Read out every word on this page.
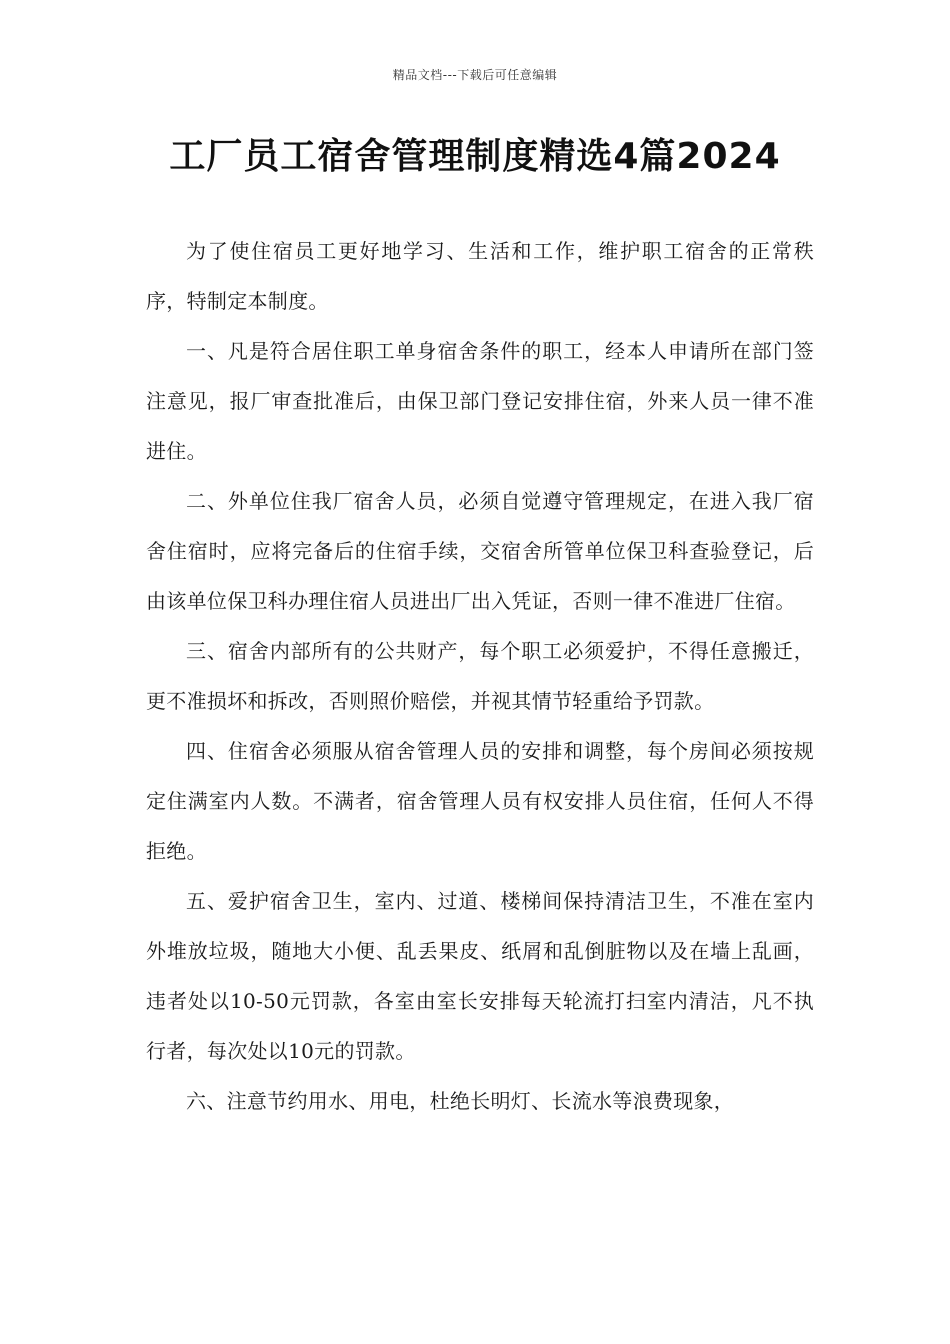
精品文档---下载后可任意编辑
工厂员工宿舍管理制度精选4篇2024

为了使住宿员工更好地学习、生活和工作，维护职工宿舍的正常秩序，特制定本制度。

一、凡是符合居住职工单身宿舍条件的职工，经本人申请所在部门签注意见，报厂审查批准后，由保卫部门登记安排住宿，外来人员一律不准进住。

二、外单位住我厂宿舍人员，必须自觉遵守管理规定，在进入我厂宿舍住宿时，应将完备后的住宿手续，交宿舍所管单位保卫科查验登记，后由该单位保卫科办理住宿人员进出厂出入凭证，否则一律不准进厂住宿。

三、宿舍内部所有的公共财产，每个职工必须爱护，不得任意搬迁，更不准损坏和拆改，否则照价赔偿，并视其情节轻重给予罚款。

四、住宿舍必须服从宿舍管理人员的安排和调整，每个房间必须按规定住满室内人数。不满者，宿舍管理人员有权安排人员住宿，任何人不得拒绝。

五、爱护宿舍卫生，室内、过道、楼梯间保持清洁卫生，不准在室内外堆放垃圾，随地大小便、乱丢果皮、纸屑和乱倒脏物以及在墙上乱画，违者处以10-50元罚款，各室由室长安排每天轮流打扫室内清洁，凡不执行者，每次处以10元的罚款。

六、注意节约用水、用电，杜绝长明灯、长流水等浪费现象，
